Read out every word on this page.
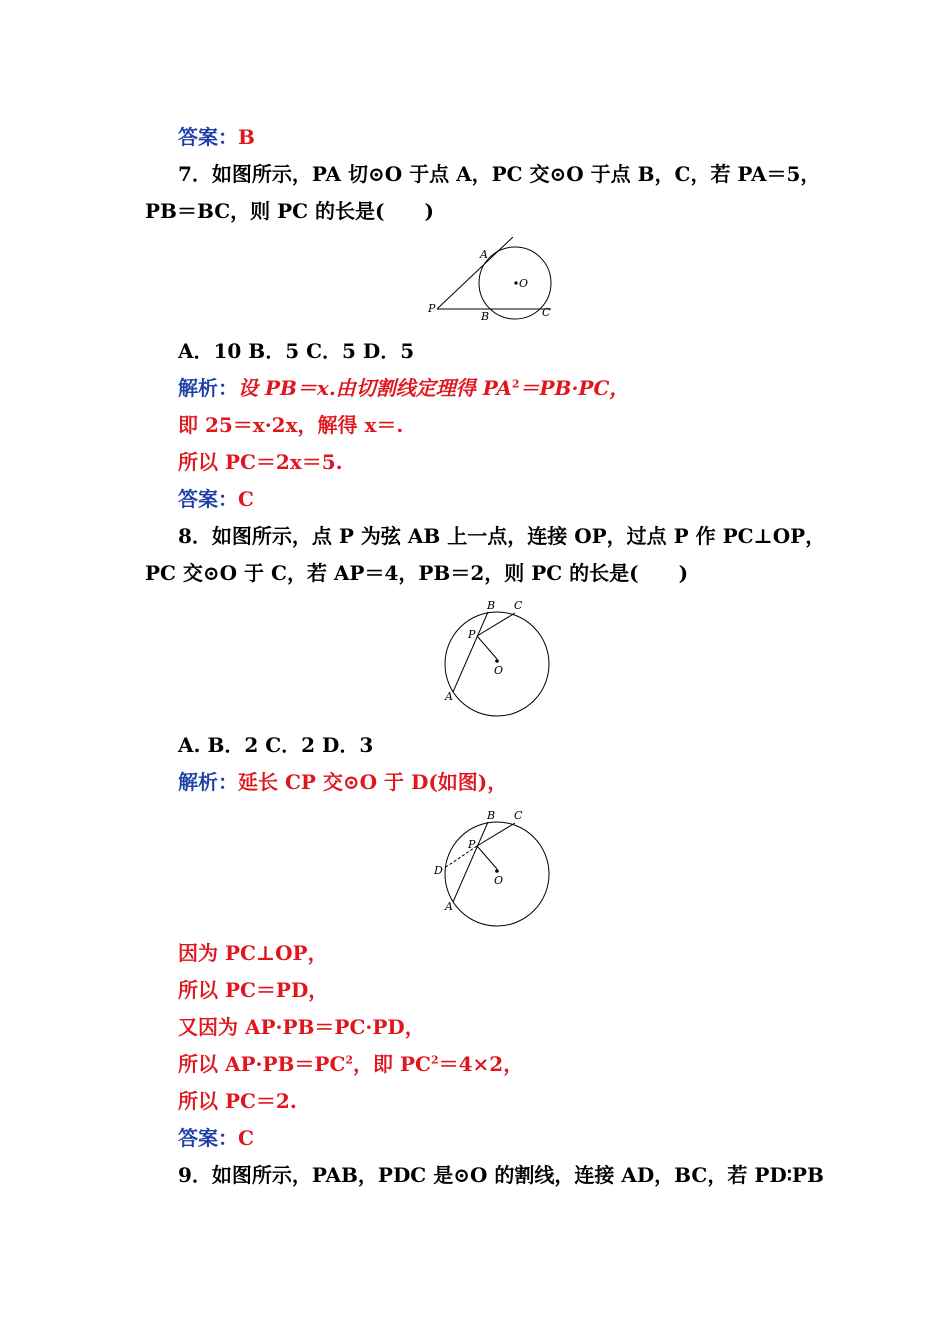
答案：B
7．如图所示，PA 切⊙O 于点 A，PC 交⊙O 于点 B，C，若 PA＝5，
PB＝BC，则 PC 的长是(　　)
A
O
P
B	C
A．10 B．5 C．5 D．5
解析：设 PB＝x.由切割线定理得 $PA^2=PB\cdot PC$，
即 25＝x·2x，解得 x＝.
所以 PC＝2x＝5.
答案：C
8．如图所示，点 P 为弦 AB 上一点，连接 OP，过点 P 作 PC⊥OP，
PC 交⊙O 于 C，若 AP＝4，PB＝2，则 PC 的长是(　　)
B C
P
O
A
A. B．2 C．2 D．3
解析：延长 CP 交⊙O 于 D(如图)，
B C
P
D
O
A
因为 PC⊥OP，
所以 PC＝PD，
又因为 AP·PB＝PC·PD，
所以 $AP\cdot PB=PC^2$，即 $PC^2=4\times 2$，
所以 PC＝2.
答案：C
9．如图所示，PAB，PDC 是⊙O 的割线，连接 AD，BC，若 PD∶PB
